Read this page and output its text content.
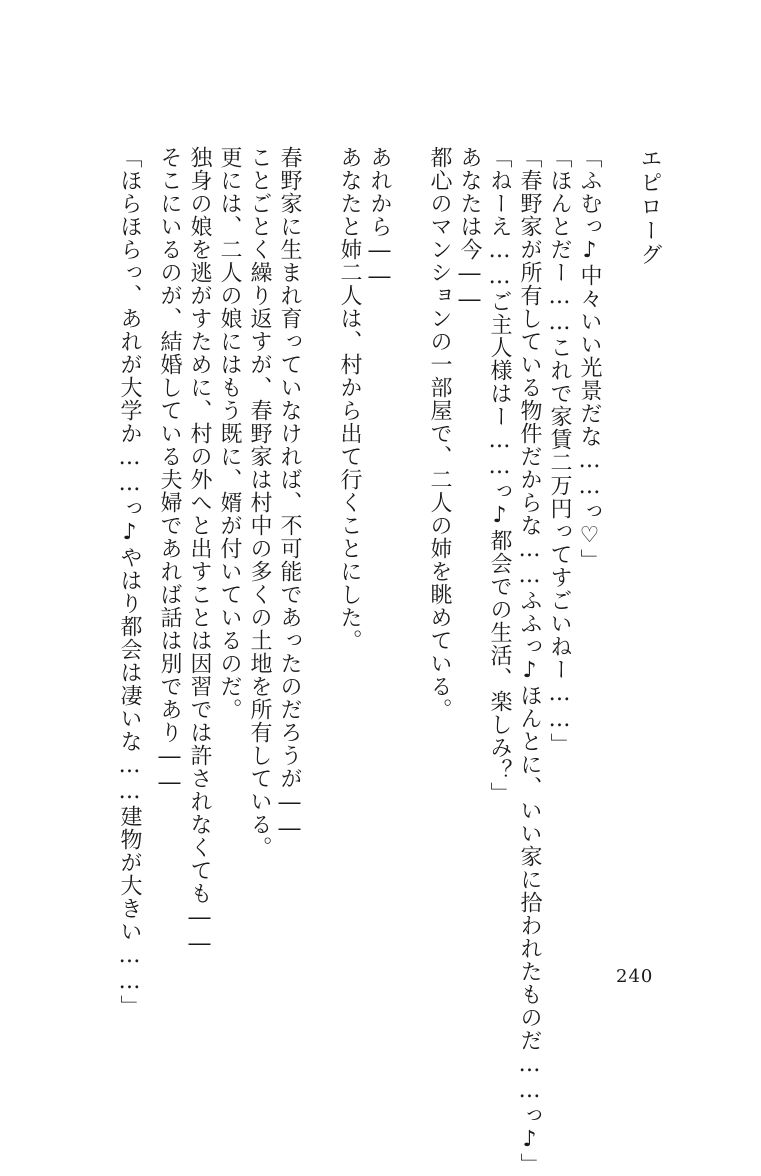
エピローグ

「ふむっ♪中々いい光景だな……っ♡」

「ほんとだー……これで家賃二万円ってすごいねー……」

「春野家が所有している物件だからな……ふふっ♪ほんとに、いい家に拾われたものだ……っ♪」

「ねーえ……ご主人様はー……っ♪都会での生活、楽しみ？」

あなたは今――

都心のマンションの一部屋で、二人の姉を眺めている。

あれから――

あなたと姉二人は、村から出て行くことにした。

春野家に生まれ育っていなければ、不可能であったのだろうが――

ことごとく繰り返すが、春野家は村中の多くの土地を所有している。

更には、二人の娘にはもう既に、婿が付いているのだ。

独身の娘を逃がすために、村の外へと出すことは因習では許されなくても――

そこにいるのが、結婚している夫婦であれば話は別であり――

「ほらほらっ、あれが大学か……っ♪やはり都会は凄いな……建物が大きい……」	240
